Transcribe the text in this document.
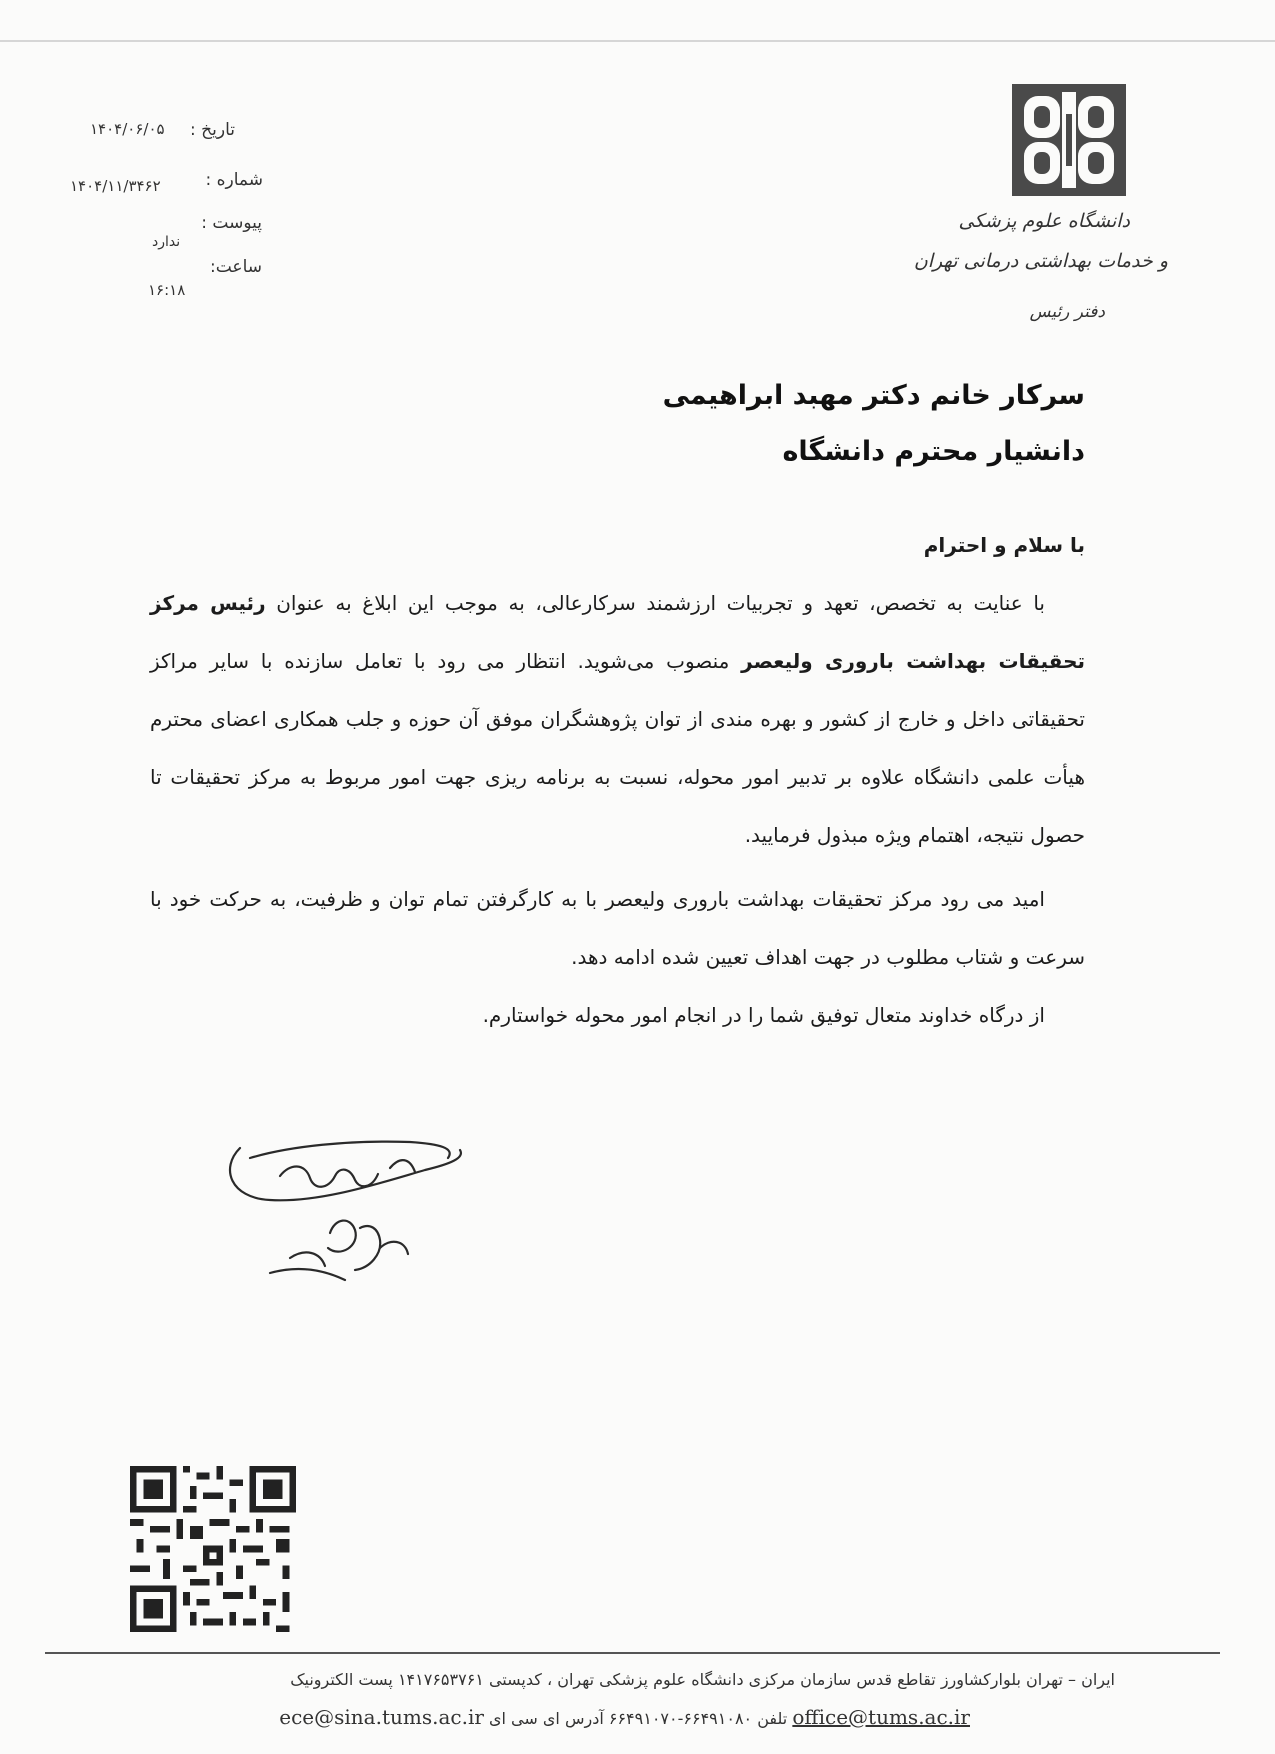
تاریخ :
۱۴۰۴/۰۶/۰۵
شماره :
۱۴۰۴/۱۱/۳۴۶۲
پیوست :
ندارد
ساعت:
۱۶:۱۸
دانشگاه علوم پزشکی
و خدمات بهداشتی درمانی تهران
دفتر رئیس
سرکار خانم دکتر مهبد ابراهیمی
دانشیار محترم دانشگاه
با سلام و احترام

با عنایت به تخصص، تعهد و تجربیات ارزشمند سرکارعالی، به موجب این ابلاغ به عنوان رئیس مرکز تحقیقات بهداشت باروری ولیعصر منصوب می‌شوید. انتظار می رود با تعامل سازنده با سایر مراکز تحقیقاتی داخل و خارج از کشور و بهره مندی از توان پژوهشگران موفق آن حوزه و جلب همکاری اعضای محترم هیأت علمی دانشگاه علاوه بر تدبیر امور محوله، نسبت به برنامه ریزی جهت امور مربوط به مرکز تحقیقات تا حصول نتیجه، اهتمام ویژه مبذول فرمایید.

امید می رود مرکز تحقیقات بهداشت باروری ولیعصر با به کارگرفتن تمام توان و ظرفیت، به حرکت خود با سرعت و شتاب مطلوب در جهت اهداف تعیین شده ادامه دهد.

از درگاه خداوند متعال توفیق شما را در انجام امور محوله خواستارم.

ایران – تهران بلوارکشاورز تقاطع قدس سازمان مرکزی دانشگاه علوم پزشکی تهران ، کدپستی ۱۴۱۷۶۵۳۷۶۱ پست الکترونیک
office@tums.ac.ir تلفن ۶۶۴۹۱۰۸۰-۶۶۴۹۱۰۷۰ آدرس ای سی ای ece@sina.tums.ac.ir
